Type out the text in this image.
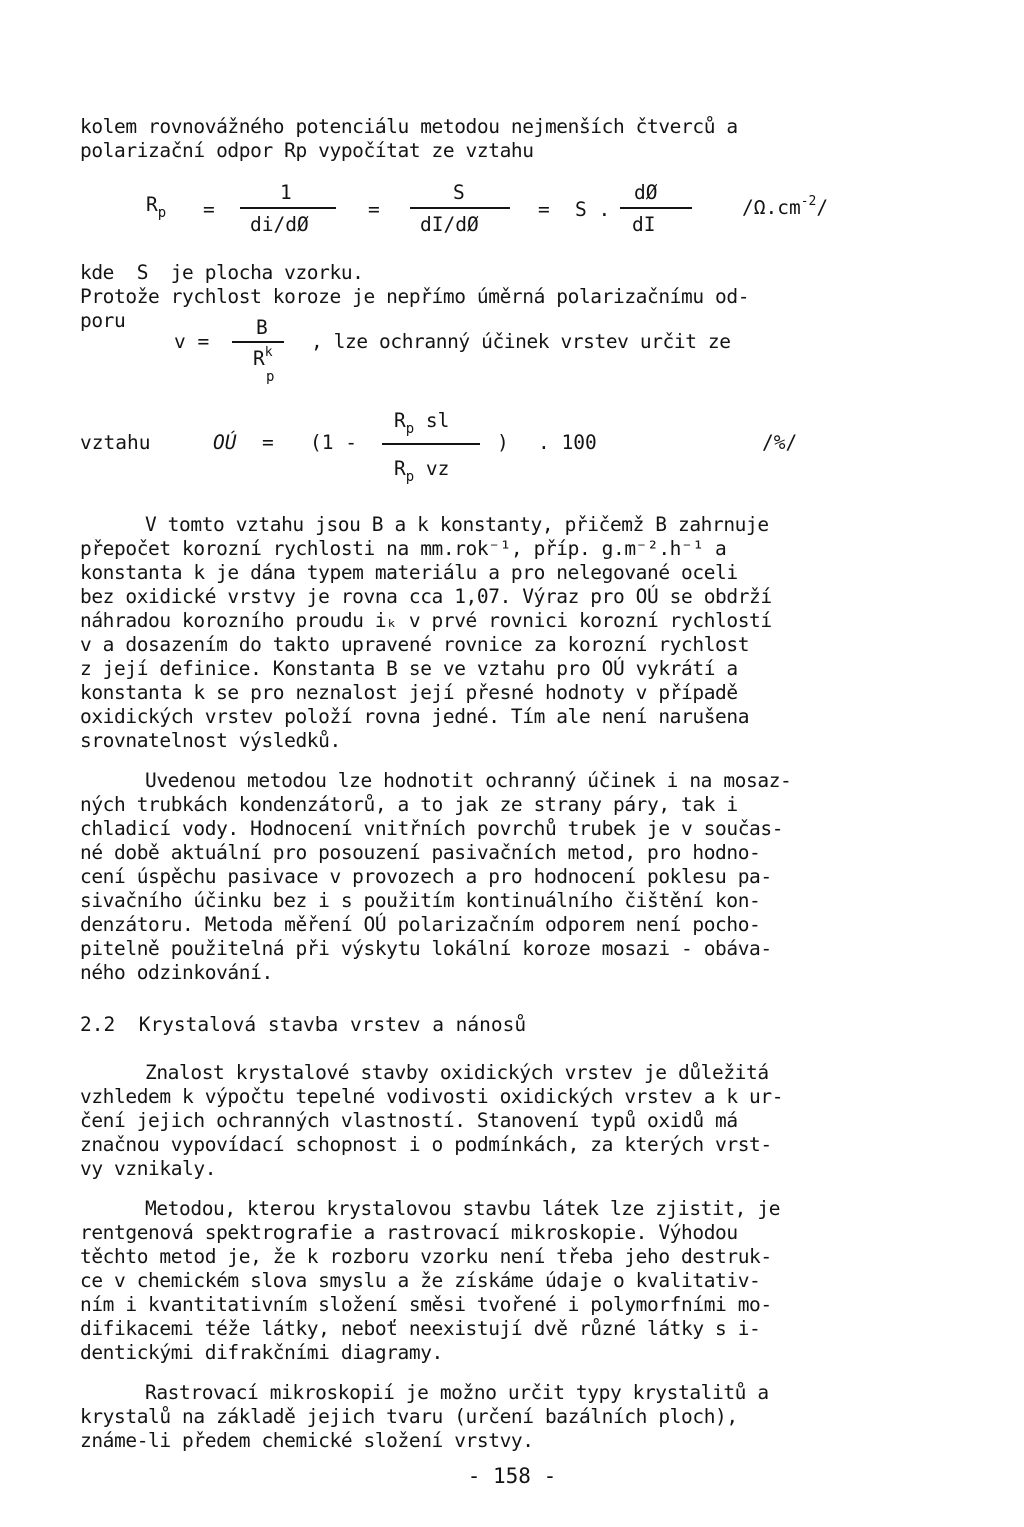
kolem rovnovážného potenciálu metodou nejmenších čtverců a
polarizační odpor Rp vypočítat ze vztahu
$R_p$ =
1
di/dØ
=
S
dI/dØ
= S .
dØ
dI
$/\Omega.cm^{-2}/$
kde  S  je plocha vzorku.
Protože rychlost koroze je nepřímo úměrná polarizačnímu od-
poru
v =
B
$R^k$
p
, lze ochranný účinek vrstev určit ze
vztahu	OÚ = (1 -
$R_p$ sl
$R_p$ vz
) . 100	/%/
V tomto vztahu jsou B a k konstanty, přičemž B zahrnuje
přepočet korozní rychlosti na mm.rok⁻¹, příp. g.m⁻².h⁻¹ a
konstanta k je dána typem materiálu a pro nelegované oceli
bez oxidické vrstvy je rovna cca 1,07. Výraz pro OÚ se obdrží
náhradou korozního proudu iₖ v prvé rovnici korozní rychlostí
v a dosazením do takto upravené rovnice za korozní rychlost
z její definice. Konstanta B se ve vztahu pro OÚ vykrátí a
konstanta k se pro neznalost její přesné hodnoty v případě
oxidických vrstev položí rovna jedné. Tím ale není narušena
srovnatelnost výsledků.
Uvedenou metodou lze hodnotit ochranný účinek i na mosaz-
ných trubkách kondenzátorů, a to jak ze strany páry, tak i
chladicí vody. Hodnocení vnitřních povrchů trubek je v součas-
né době aktuální pro posouzení pasivačních metod, pro hodno-
cení úspěchu pasivace v provozech a pro hodnocení poklesu pa-
sivačního účinku bez i s použitím kontinuálního čištění kon-
denzátoru. Metoda měření OÚ polarizačním odporem není pocho-
pitelně použitelná při výskytu lokální koroze mosazi - obáva-
ného odzinkování.
2.2  Krystalová stavba vrstev a nánosů
Znalost krystalové stavby oxidických vrstev je důležitá
vzhledem k výpočtu tepelné vodivosti oxidických vrstev a k ur-
čení jejich ochranných vlastností. Stanovení typů oxidů má
značnou vypovídací schopnost i o podmínkách, za kterých vrst-
vy vznikaly.
Metodou, kterou krystalovou stavbu látek lze zjistit, je
rentgenová spektrografie a rastrovací mikroskopie. Výhodou
těchto metod je, že k rozboru vzorku není třeba jeho destruk-
ce v chemickém slova smyslu a že získáme údaje o kvalitativ-
ním i kvantitativním složení směsi tvořené i polymorfními mo-
difikacemi téže látky, neboť neexistují dvě různé látky s i-
dentickými difrakčními diagramy.
Rastrovací mikroskopií je možno určit typy krystalitů a
krystalů na základě jejich tvaru (určení bazálních ploch),
známe-li předem chemické složení vrstvy.
- 158 -
